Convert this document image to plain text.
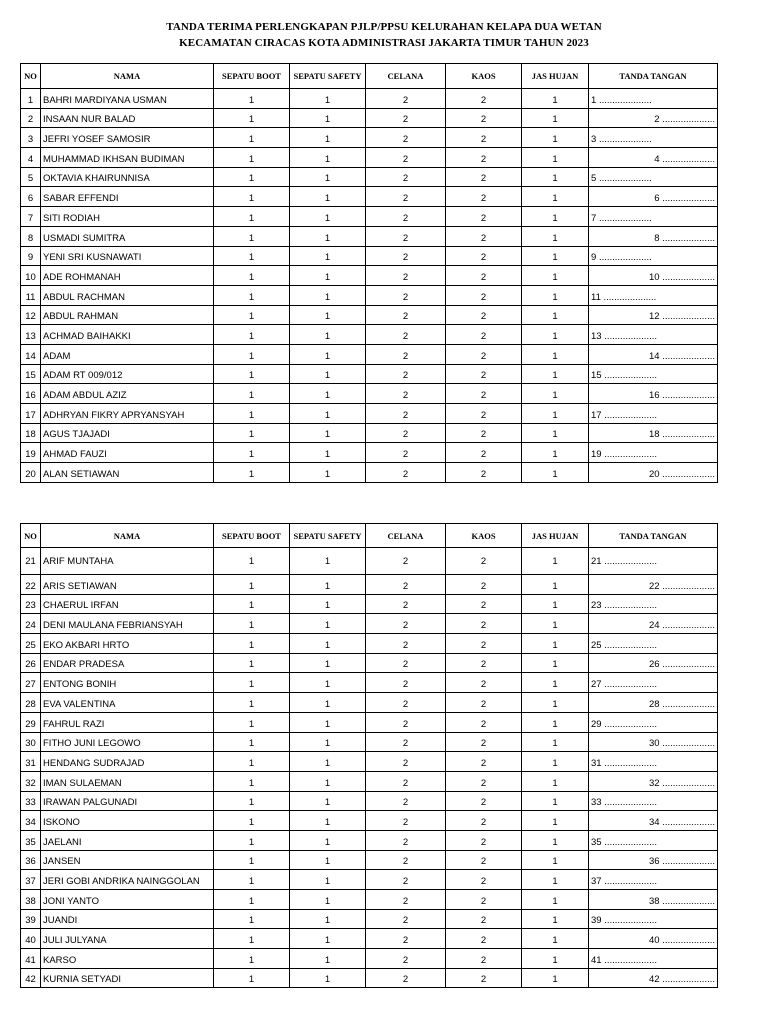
TANDA TERIMA PERLENGKAPAN PJLP/PPSU KELURAHAN KELAPA DUA WETAN
KECAMATAN CIRACAS KOTA ADMINISTRASI JAKARTA TIMUR TAHUN 2023
NO	NAMA	SEPATU BOOT	SEPATU SAFETY	CELANA	KAOS	JAS HUJAN	TANDA TANGAN
1	BAHRI MARDIYANA USMAN	1	1	2	2	1	1 ....................
2	INSAAN NUR BALAD	1	1	2	2	1	2 ....................
3	JEFRI YOSEF SAMOSIR	1	1	2	2	1	3 ....................
4	MUHAMMAD IKHSAN BUDIMAN	1	1	2	2	1	4 ....................
5	OKTAVIA KHAIRUNNISA	1	1	2	2	1	5 ....................
6	SABAR EFFENDI	1	1	2	2	1	6 ....................
7	SITI RODIAH	1	1	2	2	1	7 ....................
8	USMADI SUMITRA	1	1	2	2	1	8 ....................
9	YENI SRI KUSNAWATI	1	1	2	2	1	9 ....................
10	ADE ROHMANAH	1	1	2	2	1	10 ....................
11	ABDUL RACHMAN	1	1	2	2	1	11 ....................
12	ABDUL RAHMAN	1	1	2	2	1	12 ....................
13	ACHMAD BAIHAKKI	1	1	2	2	1	13 ....................
14	ADAM	1	1	2	2	1	14 ....................
15	ADAM RT 009/012	1	1	2	2	1	15 ....................
16	ADAM ABDUL AZIZ	1	1	2	2	1	16 ....................
17	ADHRYAN FIKRY APRYANSYAH	1	1	2	2	1	17 ....................
18	AGUS TJAJADI	1	1	2	2	1	18 ....................
19	AHMAD FAUZI	1	1	2	2	1	19 ....................
20	ALAN SETIAWAN	1	1	2	2	1	20 ....................
NO	NAMA	SEPATU BOOT	SEPATU SAFETY	CELANA	KAOS	JAS HUJAN	TANDA TANGAN
21	ARIF MUNTAHA	1	1	2	2	1	21 ....................
22	ARIS SETIAWAN	1	1	2	2	1	22 ....................
23	CHAERUL IRFAN	1	1	2	2	1	23 ....................
24	DENI MAULANA FEBRIANSYAH	1	1	2	2	1	24 ....................
25	EKO AKBARI HRTO	1	1	2	2	1	25 ....................
26	ENDAR PRADESA	1	1	2	2	1	26 ....................
27	ENTONG BONIH	1	1	2	2	1	27 ....................
28	EVA VALENTINA	1	1	2	2	1	28 ....................
29	FAHRUL RAZI	1	1	2	2	1	29 ....................
30	FITHO JUNI LEGOWO	1	1	2	2	1	30 ....................
31	HENDANG SUDRAJAD	1	1	2	2	1	31 ....................
32	IMAN SULAEMAN	1	1	2	2	1	32 ....................
33	IRAWAN PALGUNADI	1	1	2	2	1	33 ....................
34	ISKONO	1	1	2	2	1	34 ....................
35	JAELANI	1	1	2	2	1	35 ....................
36	JANSEN	1	1	2	2	1	36 ....................
37	JERI GOBI ANDRIKA NAINGGOLAN	1	1	2	2	1	37 ....................
38	JONI YANTO	1	1	2	2	1	38 ....................
39	JUANDI	1	1	2	2	1	39 ....................
40	JULI JULYANA	1	1	2	2	1	40 ....................
41	KARSO	1	1	2	2	1	41 ....................
42	KURNIA SETYADI	1	1	2	2	1	42 ....................
